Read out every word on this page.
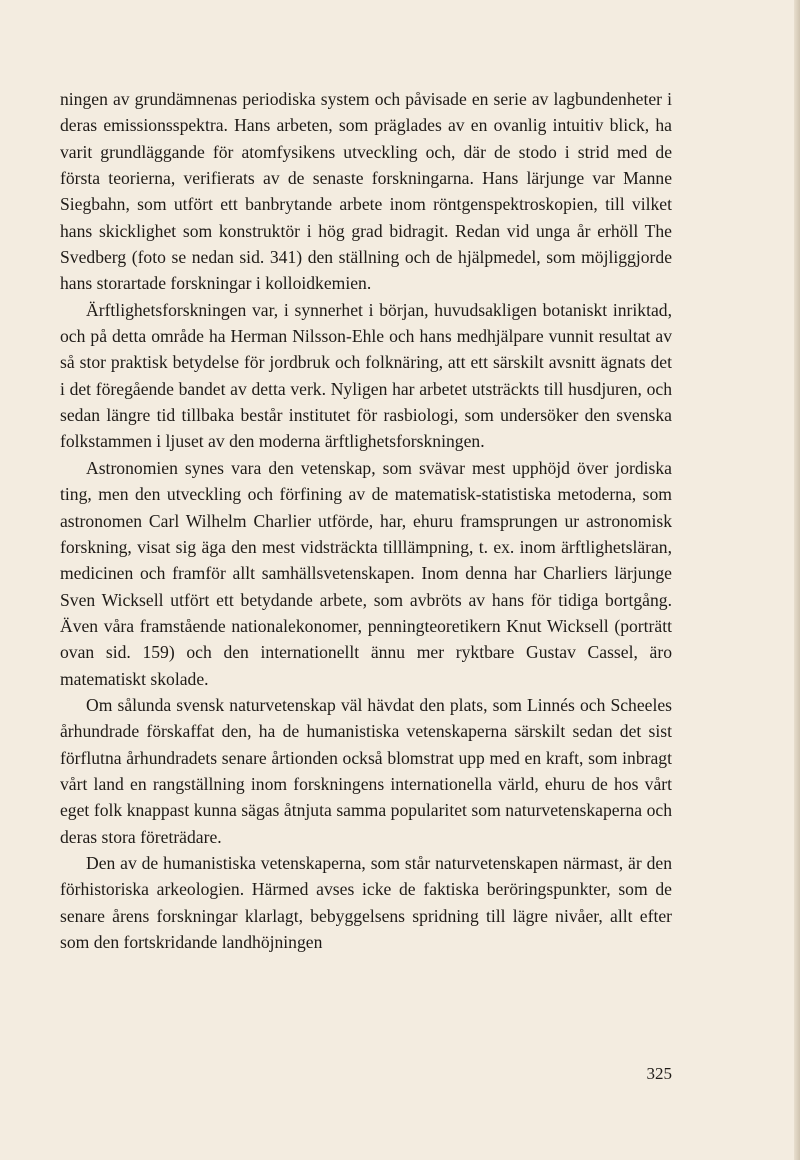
ningen av grundämnenas periodiska system och påvisade en serie av lagbundenheter i deras emissionsspektra. Hans arbeten, som präglades av en ovanlig intuitiv blick, ha varit grundläggande för atomfysikens utveckling och, där de stodo i strid med de första teorierna, verifierats av de senaste forskningarna. Hans lärjunge var Manne Siegbahn, som utfört ett banbrytande arbete inom röntgenspektroskopien, till vilket hans skicklighet som konstruktör i hög grad bidragit. Redan vid unga år erhöll The Svedberg (foto se nedan sid. 341) den ställning och de hjälpmedel, som möjliggjorde hans storartade forskningar i kolloidkemien.

Ärftlighetsforskningen var, i synnerhet i början, huvudsakligen botaniskt inriktad, och på detta område ha Herman Nilsson-Ehle och hans medhjälpare vunnit resultat av så stor praktisk betydelse för jordbruk och folknäring, att ett särskilt avsnitt ägnats det i det föregående bandet av detta verk. Nyligen har arbetet utsträckts till husdjuren, och sedan längre tid tillbaka består institutet för rasbiologi, som undersöker den svenska folkstammen i ljuset av den moderna ärftlighetsforskningen.

Astronomien synes vara den vetenskap, som svävar mest upphöjd över jordiska ting, men den utveckling och förfining av de matematisk-statistiska metoderna, som astronomen Carl Wilhelm Charlier utförde, har, ehuru framsprungen ur astronomisk forskning, visat sig äga den mest vidsträckta tilllämpning, t. ex. inom ärftlighetsläran, medicinen och framför allt samhällsvetenskapen. Inom denna har Charliers lärjunge Sven Wicksell utfört ett betydande arbete, som avbröts av hans för tidiga bortgång. Även våra framstående nationalekonomer, penningteoretikern Knut Wicksell (porträtt ovan sid. 159) och den internationellt ännu mer ryktbare Gustav Cassel, äro matematiskt skolade.

Om sålunda svensk naturvetenskap väl hävdat den plats, som Linnés och Scheeles århundrade förskaffat den, ha de humanistiska vetenskaperna särskilt sedan det sist förflutna århundradets senare årtionden också blomstrat upp med en kraft, som inbragt vårt land en rangställning inom forskningens internationella värld, ehuru de hos vårt eget folk knappast kunna sägas åtnjuta samma popularitet som naturvetenskaperna och deras stora företrädare.

Den av de humanistiska vetenskaperna, som står naturvetenskapen närmast, är den förhistoriska arkeologien. Härmed avses icke de faktiska beröringspunkter, som de senare årens forskningar klarlagt, bebyggelsens spridning till lägre nivåer, allt efter som den fortskridande landhöjningen

325
